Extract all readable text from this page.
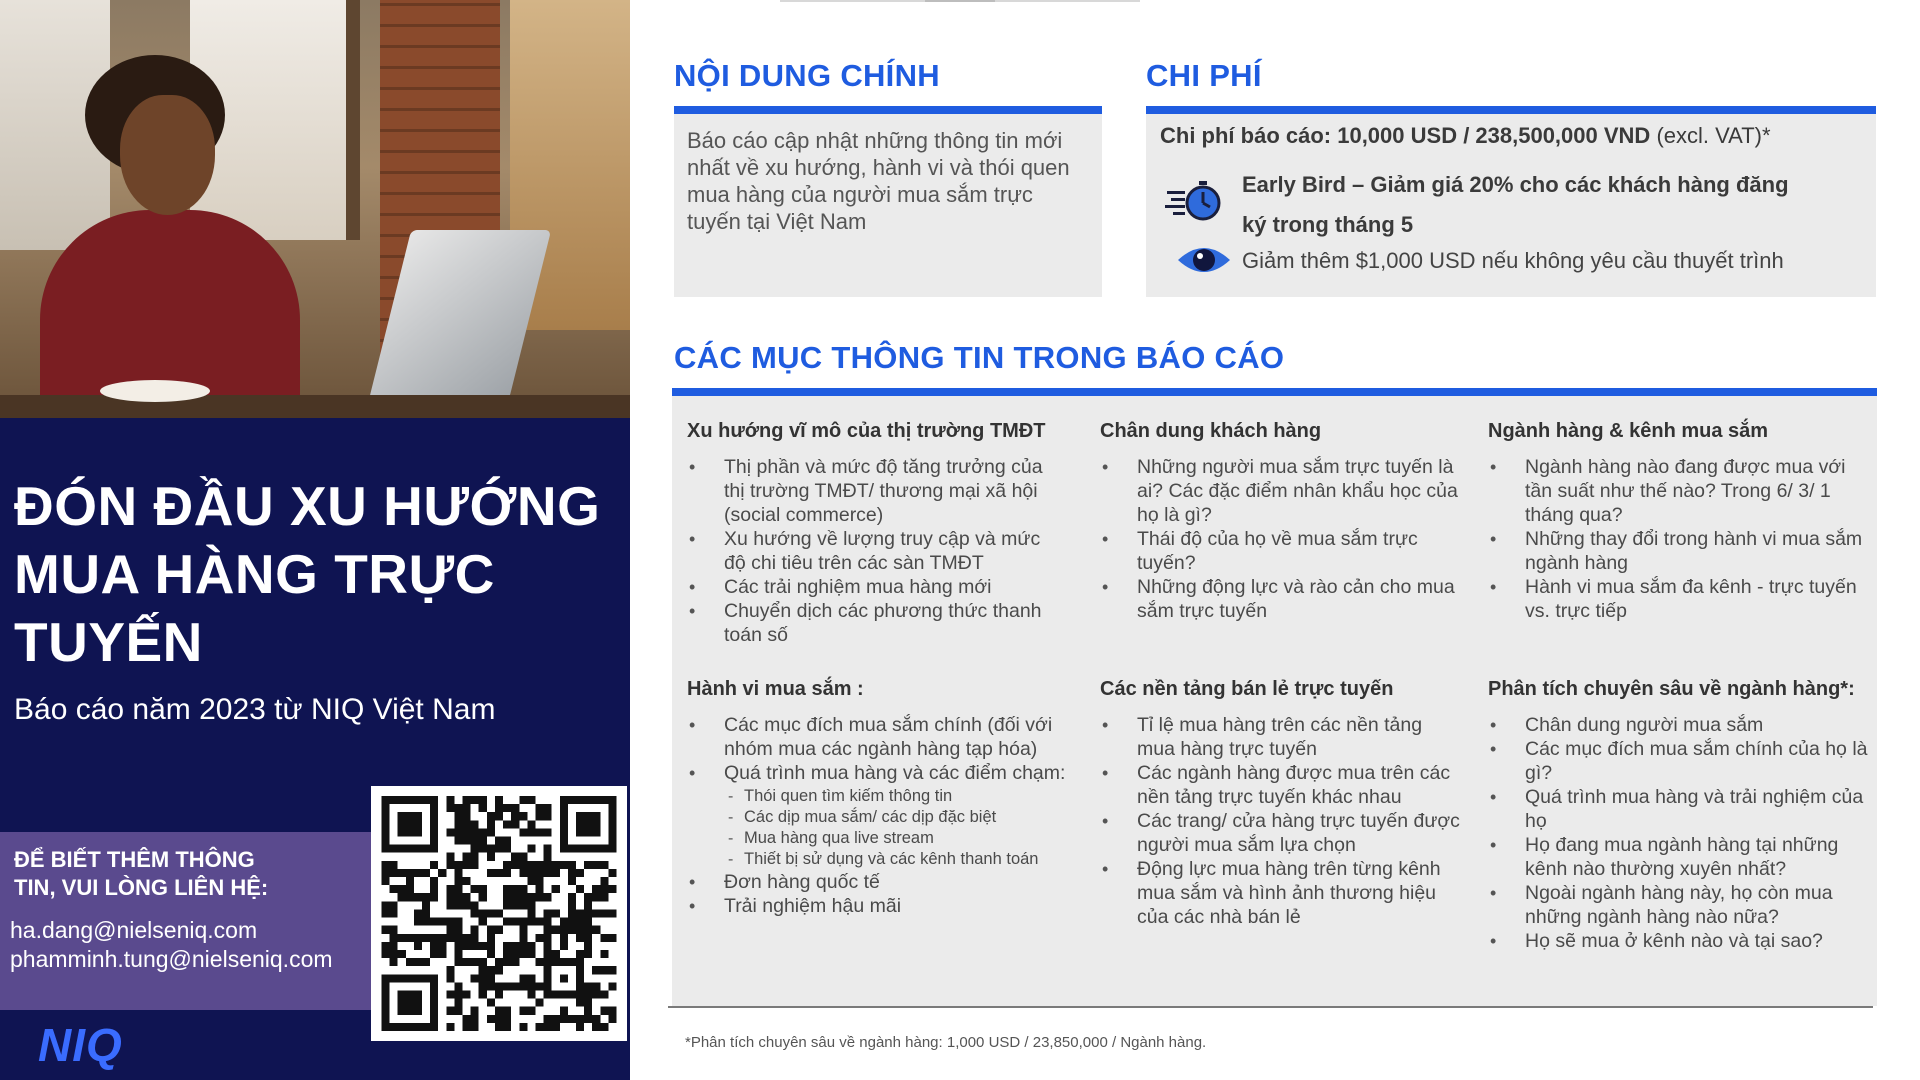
ĐÓN ĐẦU XU HƯỚNG MUA HÀNG TRỰC TUYẾN
Báo cáo năm 2023 từ NIQ Việt Nam
ĐỂ BIẾT THÊM THÔNG
TIN, VUI LÒNG LIÊN HỆ:
ha.dang@nielseniq.com
phamminh.tung@nielseniq.com
NIQ
NỘI DUNG CHÍNH
Báo cáo cập nhật những thông tin mới nhất về xu hướng, hành vi và thói quen mua hàng của người mua sắm trực tuyến tại Việt Nam
CHI PHÍ
Chi phí báo cáo: 10,000 USD / 238,500,000 VND (excl. VAT)*
Early Bird – Giảm giá 20% cho các khách hàng đăng ký trong tháng 5
Giảm thêm $1,000 USD nếu không yêu cầu thuyết trình
CÁC MỤC THÔNG TIN TRONG BÁO CÁO
Xu hướng vĩ mô của thị trường TMĐT
• Thị phần và mức độ tăng trưởng của thị trường TMĐT/ thương mại xã hội (social commerce)
• Xu hướng về lượng truy cập và mức độ chi tiêu trên các sàn TMĐT
• Các trải nghiệm mua hàng mới
• Chuyển dịch các phương thức thanh toán số
Chân dung khách hàng
• Những người mua sắm trực tuyến là ai? Các đặc điểm nhân khẩu học của họ là gì?
• Thái độ của họ về mua sắm trực tuyến?
• Những động lực và rào cản cho mua sắm trực tuyến
Ngành hàng & kênh mua sắm
• Ngành hàng nào đang được mua với tần suất như thế nào? Trong 6/ 3/ 1 tháng qua?
• Những thay đổi trong hành vi mua sắm ngành hàng
• Hành vi mua sắm đa kênh - trực tuyến vs. trực tiếp
Hành vi mua sắm :
• Các mục đích mua sắm chính (đối với nhóm mua các ngành hàng tạp hóa)
• Quá trình mua hàng và các điểm chạm:
- Thói quen tìm kiếm thông tin
- Các dịp mua sắm/ các dịp đặc biệt
- Mua hàng qua live stream
- Thiết bị sử dụng và các kênh thanh toán
• Đơn hàng quốc tế
• Trải nghiệm hậu mãi
Các nền tảng bán lẻ trực tuyến
• Tỉ lệ mua hàng trên các nền tảng mua hàng trực tuyến
• Các ngành hàng được mua trên các nền tảng trực tuyến khác nhau
• Các trang/ cửa hàng trực tuyến được người mua sắm lựa chọn
• Động lực mua hàng trên từng kênh mua sắm và hình ảnh thương hiệu của các nhà bán lẻ
Phân tích chuyên sâu về ngành hàng*:
• Chân dung người mua sắm
• Các mục đích mua sắm chính của họ là gì?
• Quá trình mua hàng và trải nghiệm của họ
• Họ đang mua ngành hàng tại những kênh nào thường xuyên nhất?
• Ngoài ngành hàng này, họ còn mua những ngành hàng nào nữa?
• Họ sẽ mua ở kênh nào và tại sao?
*Phân tích chuyên sâu về ngành hàng: 1,000 USD / 23,850,000 / Ngành hàng.
